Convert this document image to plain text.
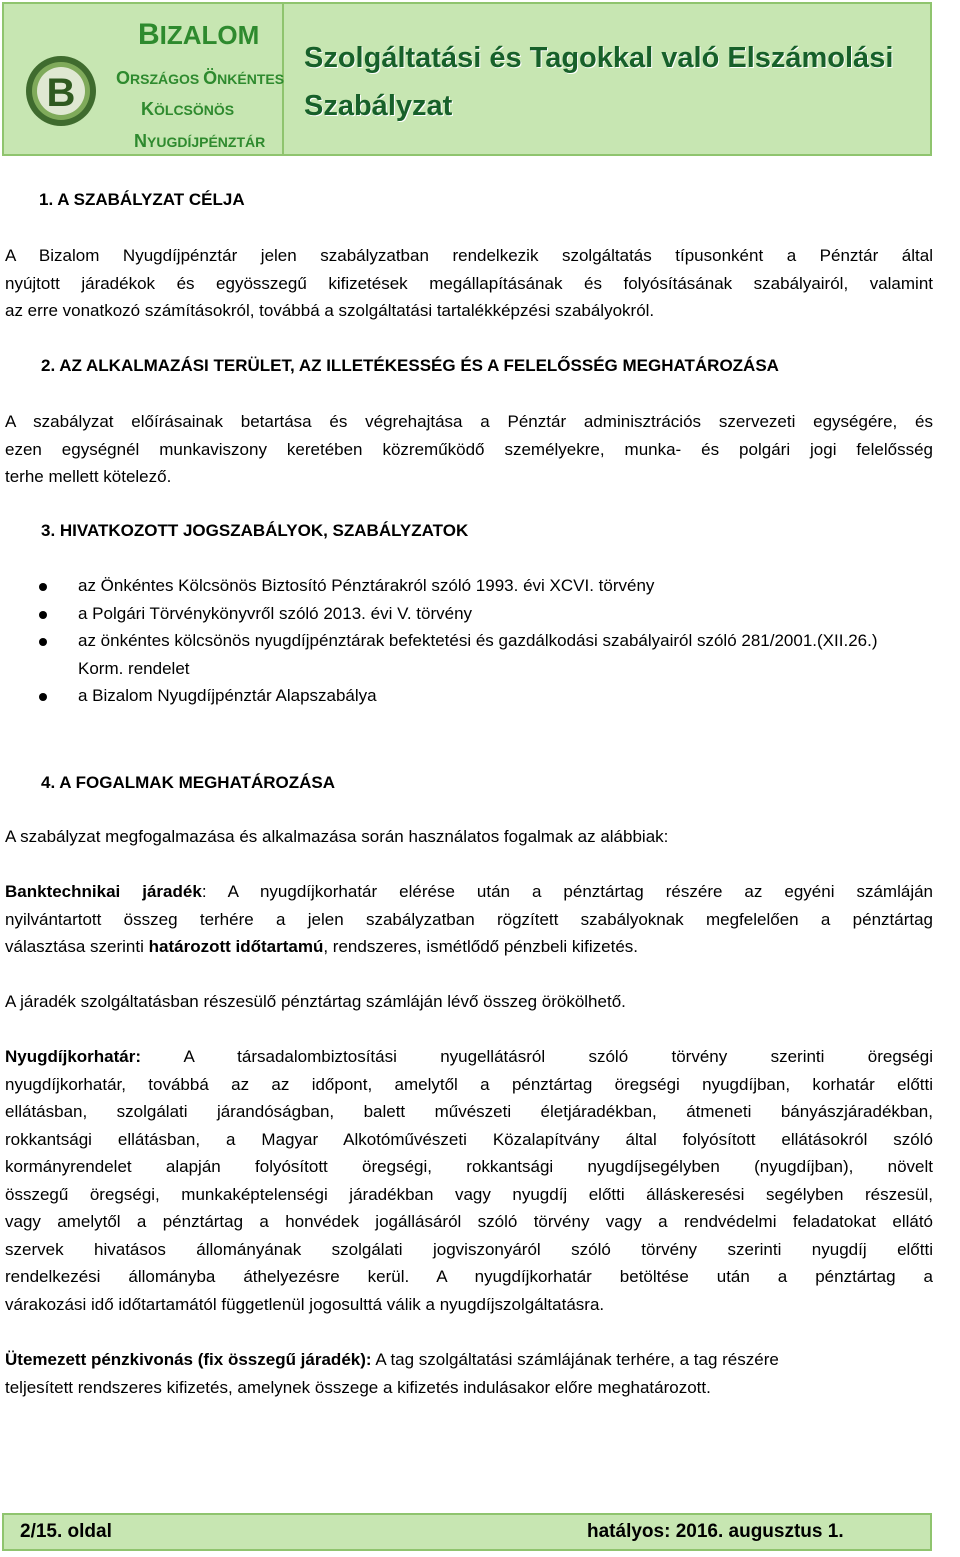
B
BIZALOM
ORSZÁGOS ÖNKÉNTES
KÖLCSÖNÖS
NYUGDÍJPÉNZTÁR
Szolgáltatási és Tagokkal való Elszámolási
Szabályzat
1. A SZABÁLYZAT CÉLJA
A Bizalom Nyugdíjpénztár jelen szabályzatban rendelkezik szolgáltatás típusonként a Pénztár által
nyújtott járadékok és egyösszegű kifizetések megállapításának és folyósításának szabályairól, valamint
az erre vonatkozó számításokról, továbbá a szolgáltatási tartalékképzési szabályokról.
2. AZ ALKALMAZÁSI TERÜLET, AZ ILLETÉKESSÉG ÉS A FELELŐSSÉG MEGHATÁROZÁSA
A szabályzat előírásainak betartása és végrehajtása a Pénztár adminisztrációs szervezeti egységére, és
ezen egységnél munkaviszony keretében közreműködő személyekre, munka- és polgári jogi felelősség
terhe mellett kötelező.
3. HIVATKOZOTT JOGSZABÁLYOK, SZABÁLYZATOK
az Önkéntes Kölcsönös Biztosító Pénztárakról szóló 1993. évi XCVI. törvény
a Polgári Törvénykönyvről szóló 2013. évi V. törvény
az önkéntes kölcsönös nyugdíjpénztárak befektetési és gazdálkodási szabályairól szóló 281/2001.(XII.26.) Korm. rendelet
a Bizalom Nyugdíjpénztár Alapszabálya
4. A FOGALMAK MEGHATÁROZÁSA
A szabályzat megfogalmazása és alkalmazása során használatos fogalmak az alábbiak:
Banktechnikai járadék: A nyugdíjkorhatár elérése után a pénztártag részére az egyéni számláján
nyilvántartott összeg terhére a jelen szabályzatban rögzített szabályoknak megfelelően a pénztártag
választása szerinti határozott időtartamú, rendszeres, ismétlődő pénzbeli kifizetés.
A járadék szolgáltatásban részesülő pénztártag számláján lévő összeg örökölhető.
Nyugdíjkorhatár: A társadalombiztosítási nyugellátásról szóló törvény szerinti öregségi
nyugdíjkorhatár, továbbá az az időpont, amelytől a pénztártag öregségi nyugdíjban, korhatár előtti
ellátásban, szolgálati járandóságban, balett művészeti életjáradékban, átmeneti bányászjáradékban,
rokkantsági ellátásban, a Magyar Alkotóművészeti Közalapítvány által folyósított ellátásokról szóló
kormányrendelet alapján folyósított öregségi, rokkantsági nyugdíjsegélyben (nyugdíjban), növelt
összegű öregségi, munkaképtelenségi járadékban vagy nyugdíj előtti álláskeresési segélyben részesül,
vagy amelytől a pénztártag a honvédek jogállásáról szóló törvény vagy a rendvédelmi feladatokat ellátó
szervek hivatásos állományának szolgálati jogviszonyáról szóló törvény szerinti nyugdíj előtti
rendelkezési állományba áthelyezésre kerül. A nyugdíjkorhatár betöltése után a pénztártag a
várakozási idő időtartamától függetlenül jogosulttá válik a nyugdíjszolgáltatásra.
Ütemezett pénzkivonás (fix összegű járadék): A tag szolgáltatási számlájának terhére, a tag részére
teljesített rendszeres kifizetés, amelynek összege a kifizetés indulásakor előre meghatározott.
2/15. oldal	hatályos: 2016. augusztus 1.
